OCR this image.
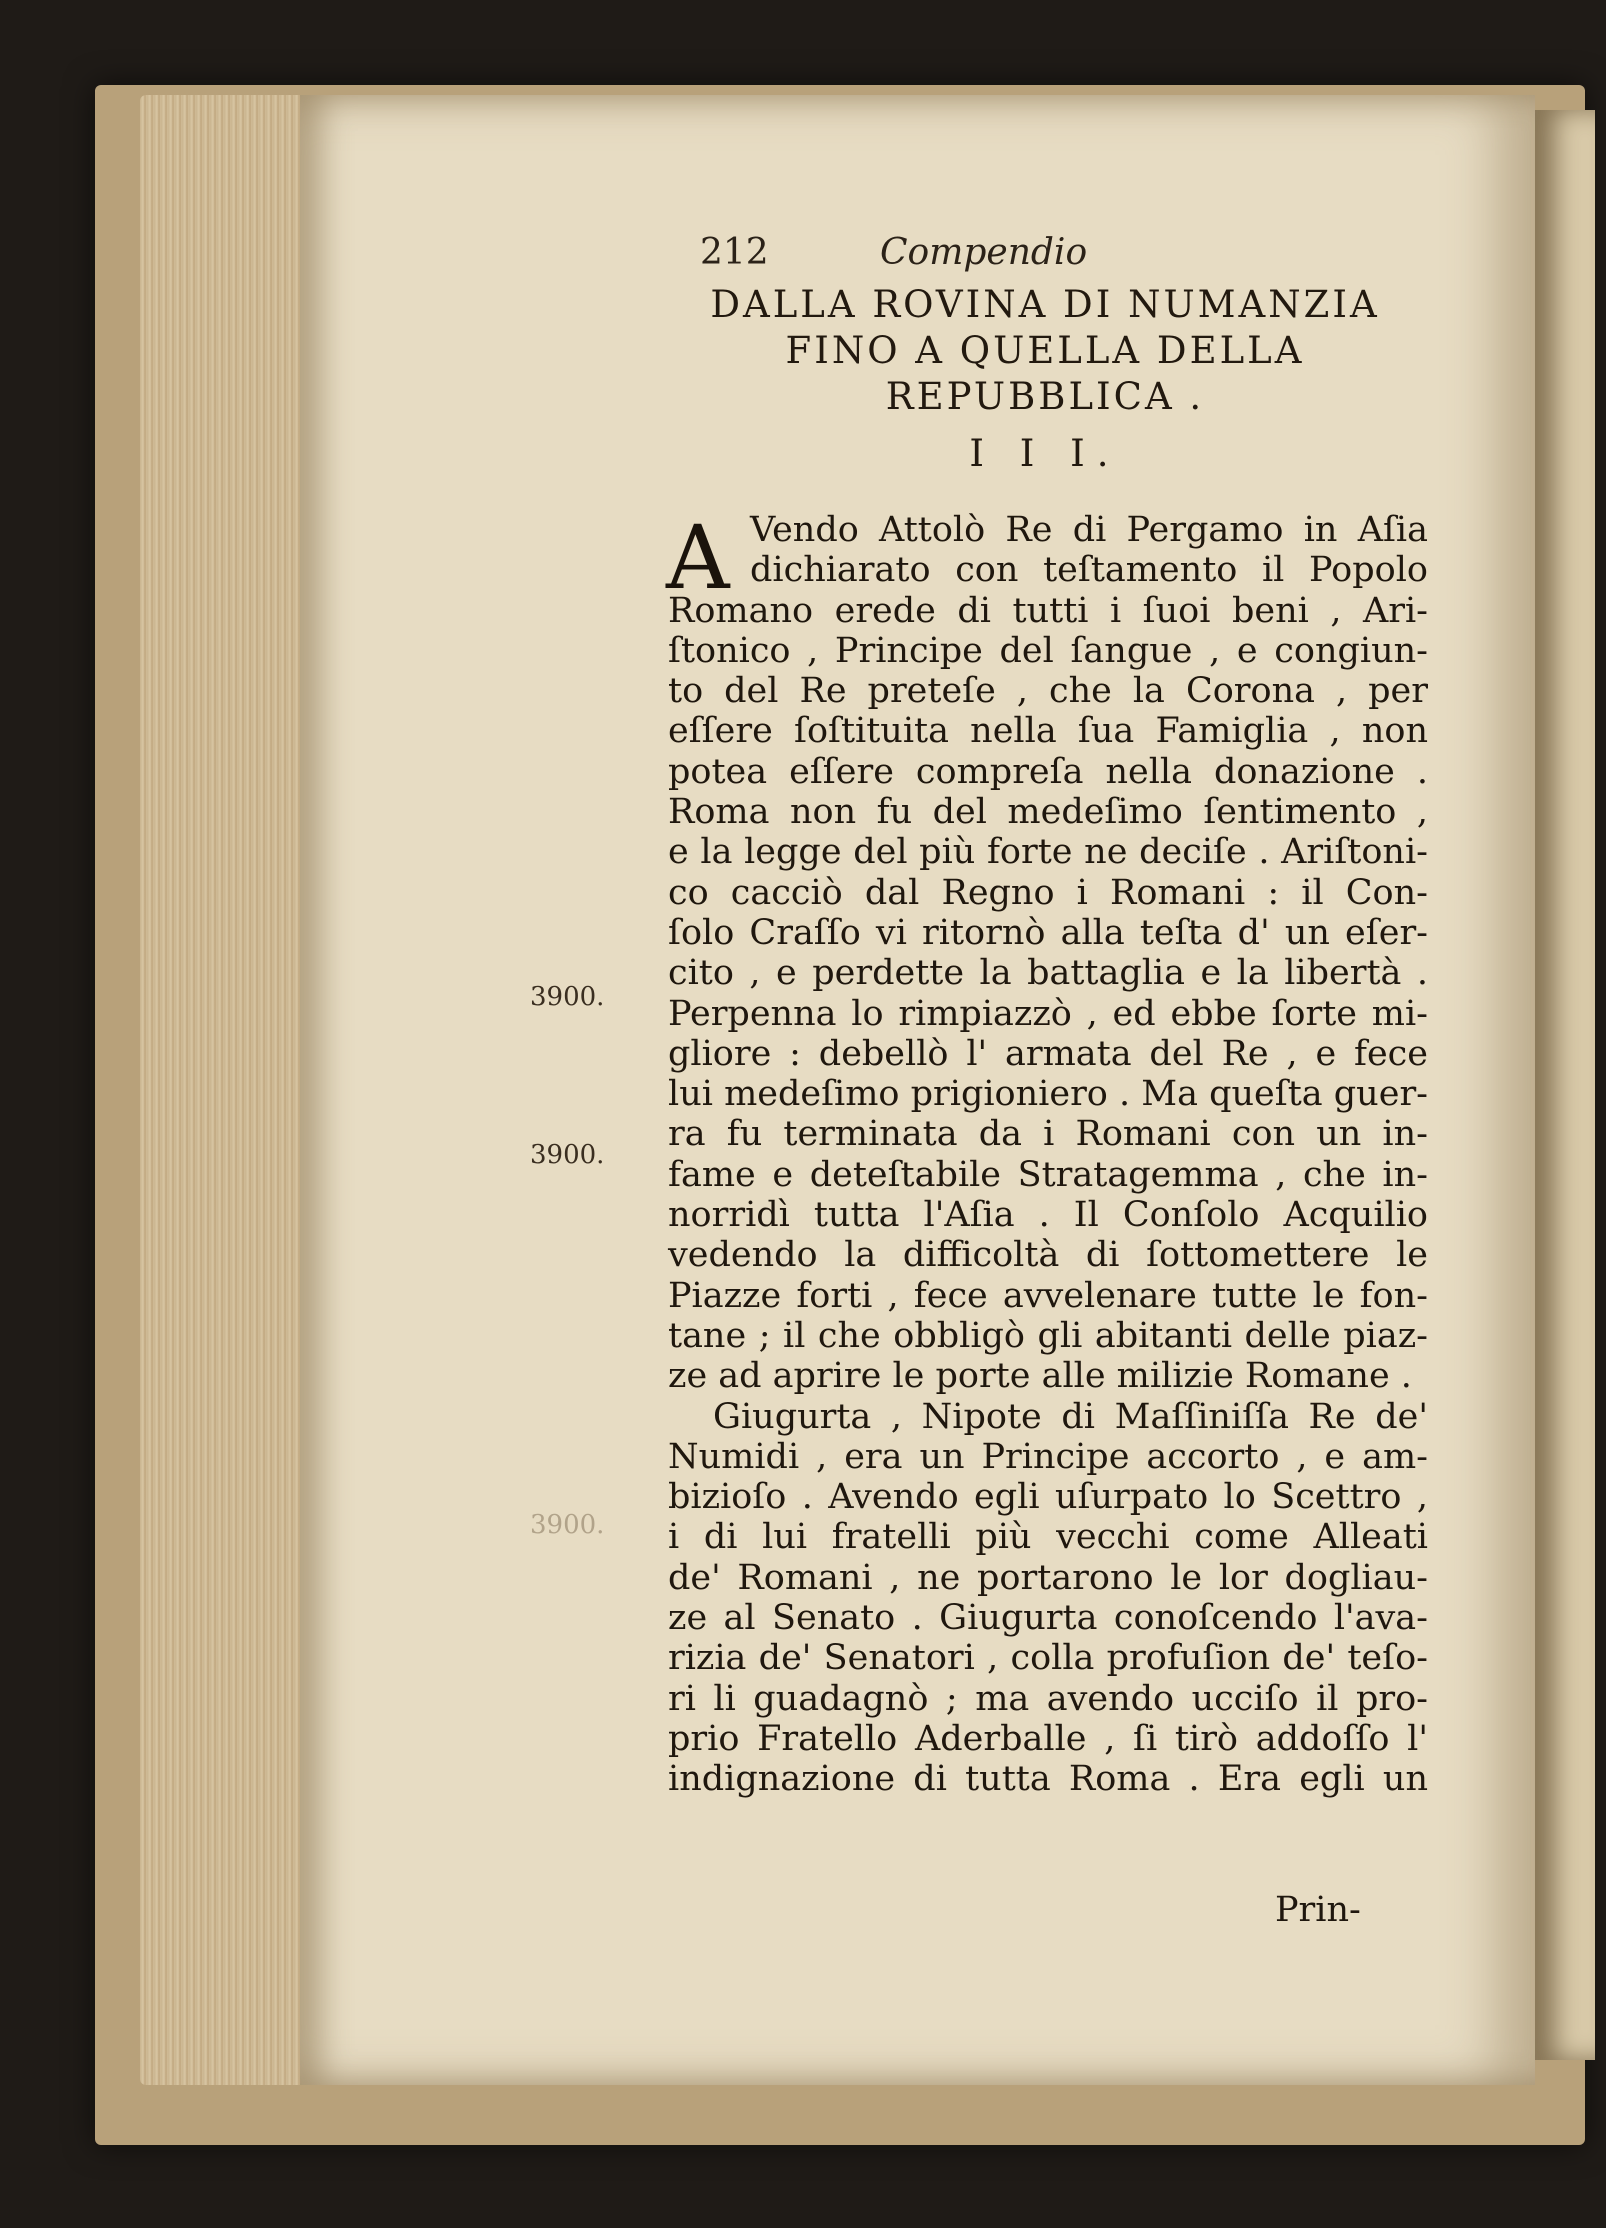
212	Compendio
DALLA ROVINA DI NUMANZIA
FINO A QUELLA DELLA
REPUBBLICA .
I I I.
3900.
3900.
3900.
A Vendo Attolò Re di Pergamo in Aſia
dichiarato con teſtamento il Popolo
Romano erede di tutti i ſuoi beni , Ari-
ſtonico , Principe del ſangue , e congiun-
to del Re preteſe , che la Corona , per
eſſere ſoſtituita nella ſua Famiglia , non
potea eſſere compreſa nella donazione .
Roma non fu del medeſimo ſentimento ,
e la legge del più forte ne deciſe . Ariſtoni-
co cacciò dal Regno i Romani : il Con-
ſolo Craſſo vi ritornò alla teſta d' un eſer-
cito , e perdette la battaglia e la libertà .
Perpenna lo rimpiazzò , ed ebbe ſorte mi-
gliore : debellò l' armata del Re , e fece
lui medeſimo prigioniero . Ma queſta guer-
ra fu terminata da i Romani con un in-
fame e deteſtabile Stratagemma , che in-
norridì tutta l'Aſia . Il Conſolo Acquilio
vedendo la difficoltà di ſottomettere le
Piazze forti , fece avvelenare tutte le fon-
tane ; il che obbligò gli abitanti delle piaz-
ze ad aprire le porte alle milizie Romane .
Giugurta , Nipote di Maſſiniſſa Re de'
Numidi , era un Principe accorto , e am-
bizioſo . Avendo egli uſurpato lo Scettro ,
i di lui fratelli più vecchi come Alleati
de' Romani , ne portarono le lor dogliau-
ze al Senato . Giugurta conoſcendo l'ava-
rizia de' Senatori , colla profuſion de' teſo-
ri li guadagnò ; ma avendo ucciſo il pro-
prio Fratello Aderballe , ſi tirò addoſſo l'
indignazione di tutta Roma . Era egli un
Prin-
